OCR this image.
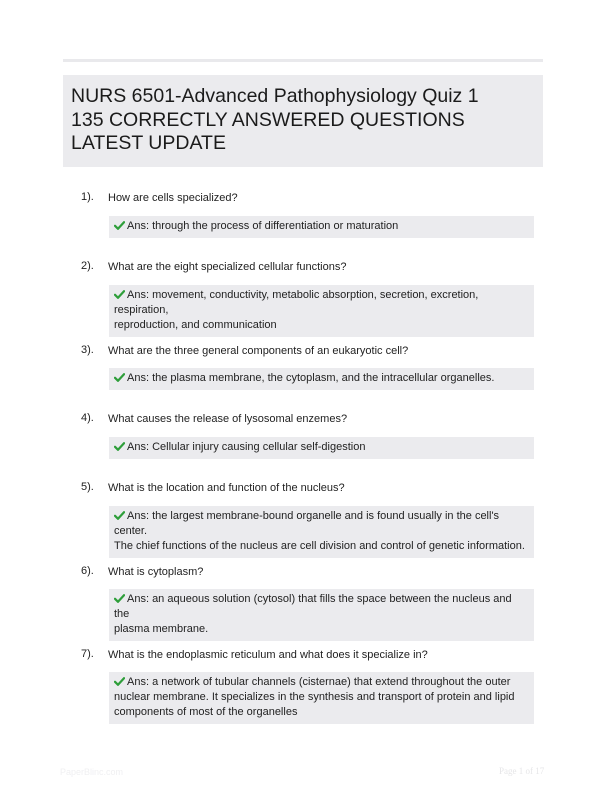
NURS 6501-Advanced Pathophysiology Quiz 1
135 CORRECTLY ANSWERED QUESTIONS
LATEST UPDATE
1). How are cells specialized?
Ans: through the process of differentiation or maturation
2). What are the eight specialized cellular functions?
Ans: movement, conductivity, metabolic absorption, secretion, excretion, respiration,
reproduction, and communication
3). What are the three general components of an eukaryotic cell?
Ans: the plasma membrane, the cytoplasm, and the intracellular organelles.
4). What causes the release of lysosomal enzemes?
Ans: Cellular injury causing cellular self-digestion
5). What is the location and function of the nucleus?
Ans: the largest membrane-bound organelle and is found usually in the cell's center.
The chief functions of the nucleus are cell division and control of genetic information.
6). What is cytoplasm?
Ans: an aqueous solution (cytosol) that fills the space between the nucleus and the
plasma membrane.
7). What is the endoplasmic reticulum and what does it specialize in?
Ans: a network of tubular channels (cisternae) that extend throughout the outer
nuclear membrane. It specializes in the synthesis and transport of protein and lipid
components of most of the organelles
PaperBlinc.com	Page 1 of 17
